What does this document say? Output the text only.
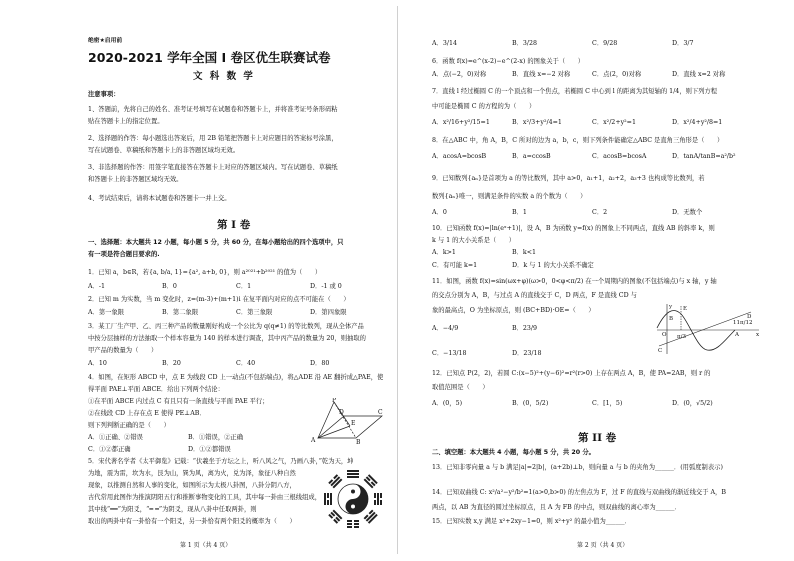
绝密★启用前
2020-2021 学年全国 I 卷区优生联赛试卷
文 科 数 学
注意事项：
1、答题前，先将自己的姓名、准考证号填写在试题卷和答题卡上，并将准考证号条形码粘
贴在答题卡上的指定位置。
2、选择题的作答：每小题选出答案后，用 2B 铅笔把答题卡上对应题目的答案标号涂黑，
写在试题卷、草稿纸和答题卡上的非答题区域均无效。
3、非选择题的作答：用签字笔直接答在答题卡上对应的答题区域内。写在试题卷、草稿纸
和答题卡上的非答题区域均无效。
4、考试结束后，请将本试题卷和答题卡一并上交。
第 I 卷
一、选择题：本大题共 12 小题，每小题 5 分，共 60 分，在每小题给出的四个选项中，只
有一项是符合题目要求的.
1．已知 a，b∈R，若{a, b/a, 1}={a², a+b, 0}，则 a²⁰²¹+b²⁰²¹ 的值为（　　）
A．-1	B．0	C．1	D．-1 或 0
2．已知 m 为实数，当 m 变化时，z=(m-3)+(m+1)i 在复平面内对应的点不可能在（　　）
A．第一象限	B．第二象限	C．第三象限	D．第四象限
3．某工厂生产甲、乙、丙三种产品的数量刚好构成一个公比为 q(q≠1) 的等比数列，现从全体产品
中按分层抽样的方法抽取一个样本容量为 140 的样本进行调查，其中丙产品的数量为 20，则抽取的
甲产品的数量为（　　）
A．10	B．20	C．40	D．80
4．如图，在矩形 ABCD 中，点 E 为线段 CD 上一动点(不包括端点)，将△ADE 沿 AE 翻折成△PAE，使
得平面 PAE⊥平面 ABCE．给出下列两个结论：
①在平面 ABCE 内过点 C 有且只有一条直线与平面 PAE 平行；
②在线段 CD 上存在点 E 使得 PE⊥AB．
则下列判断正确的是（　　）
A．①正确、②错误	B．①错误，②正确
C．①②都正确	D．①②都错误
P
A	B
C
D
E
5．宋代著名学者《太平御览》记载：“伏羲坐于方坛之上，听八风之气，乃画八卦，”乾为天，坤
为地，震为雷，坎为水，艮为山，巽为风，离为火，兑为泽，象征八种自然
现象，以推测自然和人事的变化，如图所示为太极八卦图，八卦分阴八方，
古代常用此图作为推演阴阳五行和推断事物变化的工具，其中每一卦由三根线组成，
其中线“━━”为阳爻，“━ ━”为阴爻，现从八卦中任取两卦，则
取出的两卦中有一卦恰有一个阳爻，另一卦恰有两个阳爻的概率为（　　）
第 1 页（共 4 页）
A．3/14	B．3/28	C．9/28	D．3/7
6．函数 f(x)=e^(x-2)−e^(2-x) 的图象关于（　　）
A．点(−2，0)对称	B．直线 x=−2 对称	C．点(2，0)对称	D．直线 x=2 对称
7．直线 l 经过椭圆 C 的一个顶点和一个焦点，若椭圆 C 中心到 l 的距离为其短轴的 1/4，则下列方程
中可能是椭圆 C 的方程的为（　　）
A．x²/16+y²/15=1	B．x²/3+y²/4=1	C．x²/2+y²=1	D．x²/4+y²/8=1
8．在△ABC 中，角 A，B，C 所对的边为 a，b，c，则下列条件能确定△ABC 是直角三角形是（　　）
A．acosA=bcosB	B．a=ccosB	C．acosB=bcosA	D．tanA/tanB=a²/b²
9．已知数列{aₙ}是首项为 a 的等比数列，其中 a>0，a₁+1，a₂+2，a₃+3 也构成等比数列，若
数列{aₙ}唯一，则满足条件的实数 a 的个数为（　　）
A．0	B．1	C．2	D．无数个
10．已知函数 f(x)=|ln(eˣ+1)|，设 A，B 为函数 y=f(x) 的图象上不同两点，直线 AB 的斜率 k，则
k 与 1 的大小关系是（　　）
A．k>1	B．k<1
C．有可能 k=1	D．k 与 1 的大小关系不确定
11．如图，函数 f(x)=sin(ωx+φ)(ω>0，0<φ<π/2) 在一个周期内的图象(不包括端点)与 x 轴，y 轴
的交点分别为 A，B，与过点 A 的直线交于 C，D 两点，F 是直线 CD 与
象的最高点，O 为坐标原点，则 (BC+BD)·OE=（　　）
A．−4/9	B．23/9
C．−13/18	D．23/18
y
O	A
B
C
D
E
11π/12
π/3	x
12．已知点 P(2，2)，若圆 C:(x−5)²+(y−6)²=r²(r>0) 上存在两点 A，B，使 PA=2AB，则 r 的
取值范围是（　　）
A．(0，5)	B．(0，5/2)	C．[1，5)	D．(0，√5/2)
第 II 卷
二、填空题：本大题共 4 小题，每小题 5 分，共 20 分。
13．已知非零向量 a 与 b 满足|a|=2|b|，(a+2b)⊥b，则向量 a 与 b 的夹角为______．(用弧度制表示)
14．已知双曲线 C: x²/a²−y²/b²=1(a>0,b>0) 的左焦点为 F，过 F 的直线与双曲线的渐近线交于 A，B
两点，以 AB 为直径的圆过坐标原点，且 A 为 FB 的中点，则双曲线的离心率为______．
15．已知实数 x,y 满足 x²+2xy−1=0，则 x²+y² 的最小值为______．
第 2 页（共 4 页）
